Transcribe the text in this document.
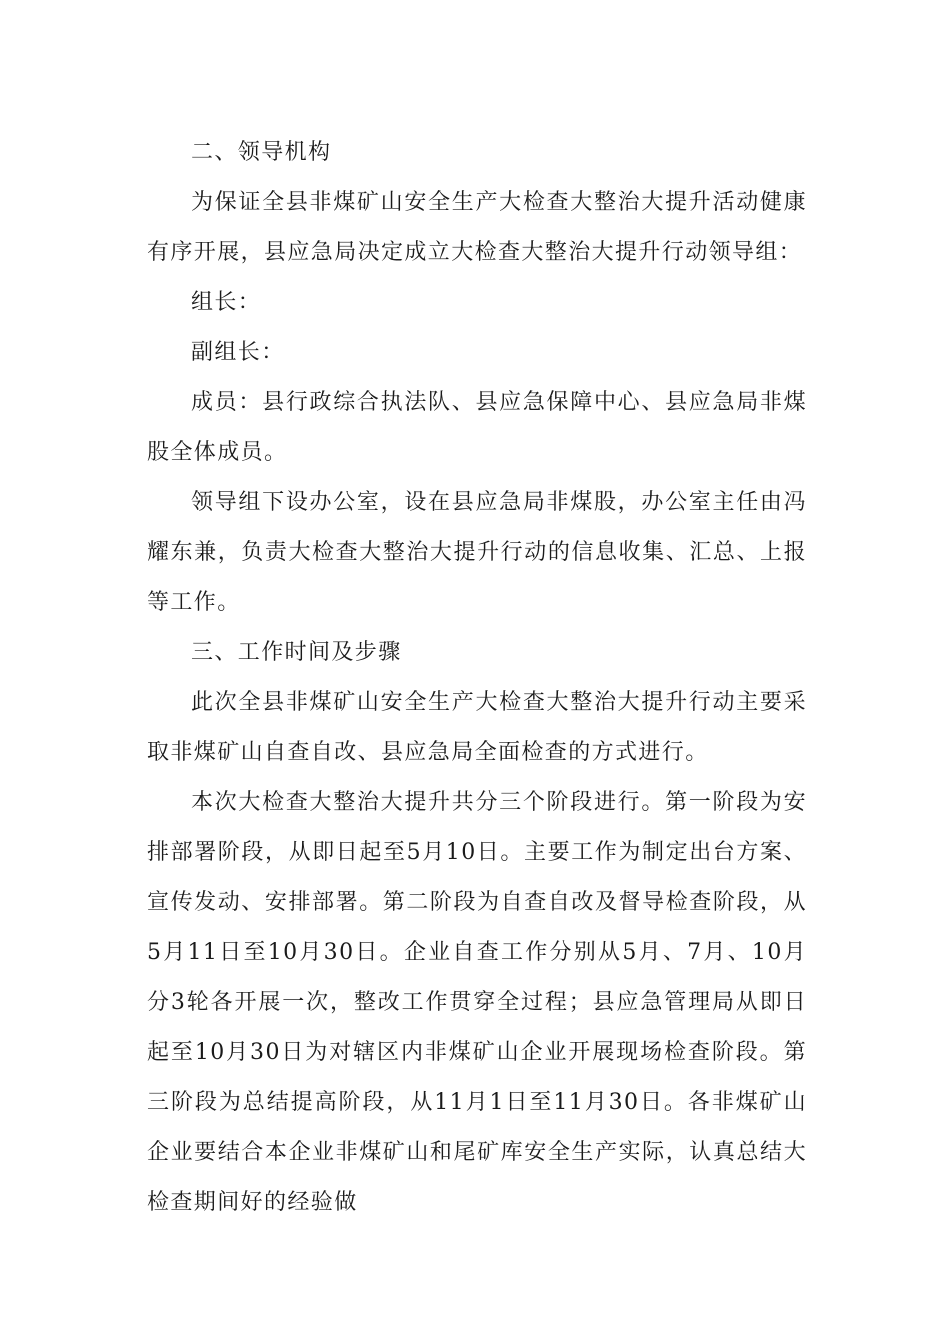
二、领导机构

为保证全县非煤矿山安全生产大检查大整治大提升活动健康有序开展，县应急局决定成立大检查大整治大提升行动领导组：

组长：

副组长：

成员：县行政综合执法队、县应急保障中心、县应急局非煤股全体成员。

领导组下设办公室，设在县应急局非煤股，办公室主任由冯耀东兼，负责大检查大整治大提升行动的信息收集、汇总、上报等工作。

三、工作时间及步骤

此次全县非煤矿山安全生产大检查大整治大提升行动主要采取非煤矿山自查自改、县应急局全面检查的方式进行。

本次大检查大整治大提升共分三个阶段进行。第一阶段为安排部署阶段，从即日起至5月10日。主要工作为制定出台方案、宣传发动、安排部署。第二阶段为自查自改及督导检查阶段，从5月11日至10月30日。企业自查工作分别从5月、7月、10月分3轮各开展一次，整改工作贯穿全过程；县应急管理局从即日起至10月30日为对辖区内非煤矿山企业开展现场检查阶段。第三阶段为总结提高阶段，从11月1日至11月30日。各非煤矿山企业要结合本企业非煤矿山和尾矿库安全生产实际，认真总结大检查期间好的经验做
